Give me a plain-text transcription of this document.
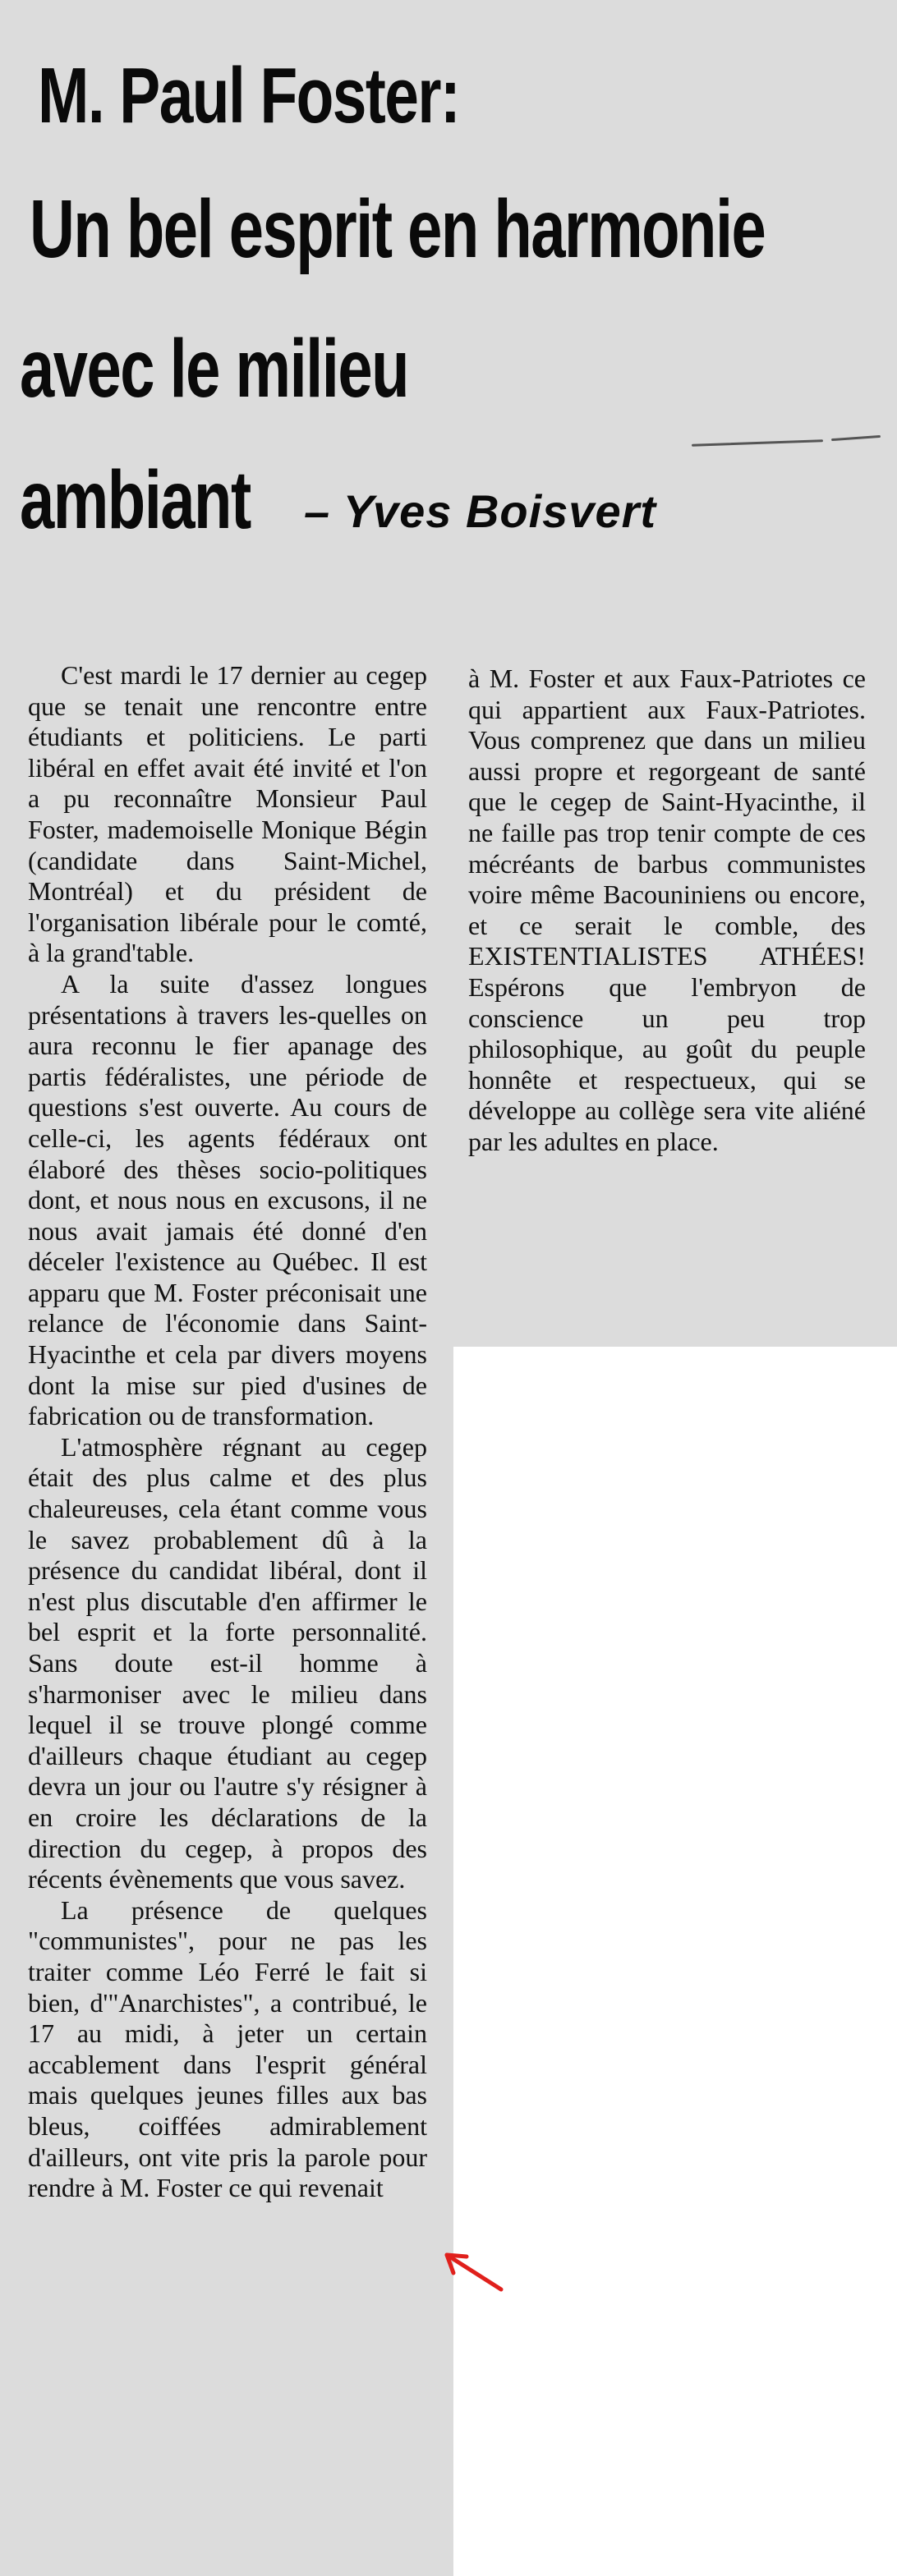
M. Paul Foster:
Un bel esprit en harmonie
avec le milieu
ambiant – Yves Boisvert

C'est mardi le 17 dernier au cegep que se tenait une rencontre entre étudiants et politiciens. Le parti libéral en effet avait été invité et l'on a pu reconnaître Monsieur Paul Foster, mademoiselle Monique Bégin (candidate dans Saint-Michel, Montréal) et du président de l'organisation libérale pour le comté, à la grand'table.

A la suite d'assez longues présentations à travers les-quelles on aura reconnu le fier apanage des partis fédéralistes, une période de questions s'est ouverte. Au cours de celle-ci, les agents fédéraux ont élaboré des thèses socio-politiques dont, et nous nous en excusons, il ne nous avait jamais été donné d'en déceler l'existence au Québec. Il est apparu que M. Foster préconisait une relance de l'économie dans Saint-Hyacinthe et cela par divers moyens dont la mise sur pied d'usines de fabrication ou de transformation.

L'atmosphère régnant au cegep était des plus calme et des plus chaleureuses, cela étant comme vous le savez probablement dû à la présence du candidat libéral, dont il n'est plus discutable d'en affirmer le bel esprit et la forte personnalité. Sans doute est-il homme à s'harmoniser avec le milieu dans lequel il se trouve plongé comme d'ailleurs chaque étudiant au cegep devra un jour ou l'autre s'y résigner à en croire les déclarations de la direction du cegep, à propos des récents évènements que vous savez.

La présence de quelques "communistes", pour ne pas les traiter comme Léo Ferré le fait si bien, d'"Anarchistes", a contribué, le 17 au midi, à jeter un certain accablement dans l'esprit général mais quelques jeunes filles aux bas bleus, coiffées admirablement d'ailleurs, ont vite pris la parole pour rendre à M. Foster ce qui revenait

à M. Foster et aux Faux-Patriotes ce qui appartient aux Faux-Patriotes. Vous comprenez que dans un milieu aussi propre et regorgeant de santé que le cegep de Saint-Hyacinthe, il ne faille pas trop tenir compte de ces mécréants de barbus communistes voire même Bacouniniens ou encore, et ce serait le comble, des EXISTENTIALISTES ATHÉES! Espérons que l'embryon de conscience un peu trop philosophique, au goût du peuple honnête et respectueux, qui se développe au collège sera vite aliéné par les adultes en place.
